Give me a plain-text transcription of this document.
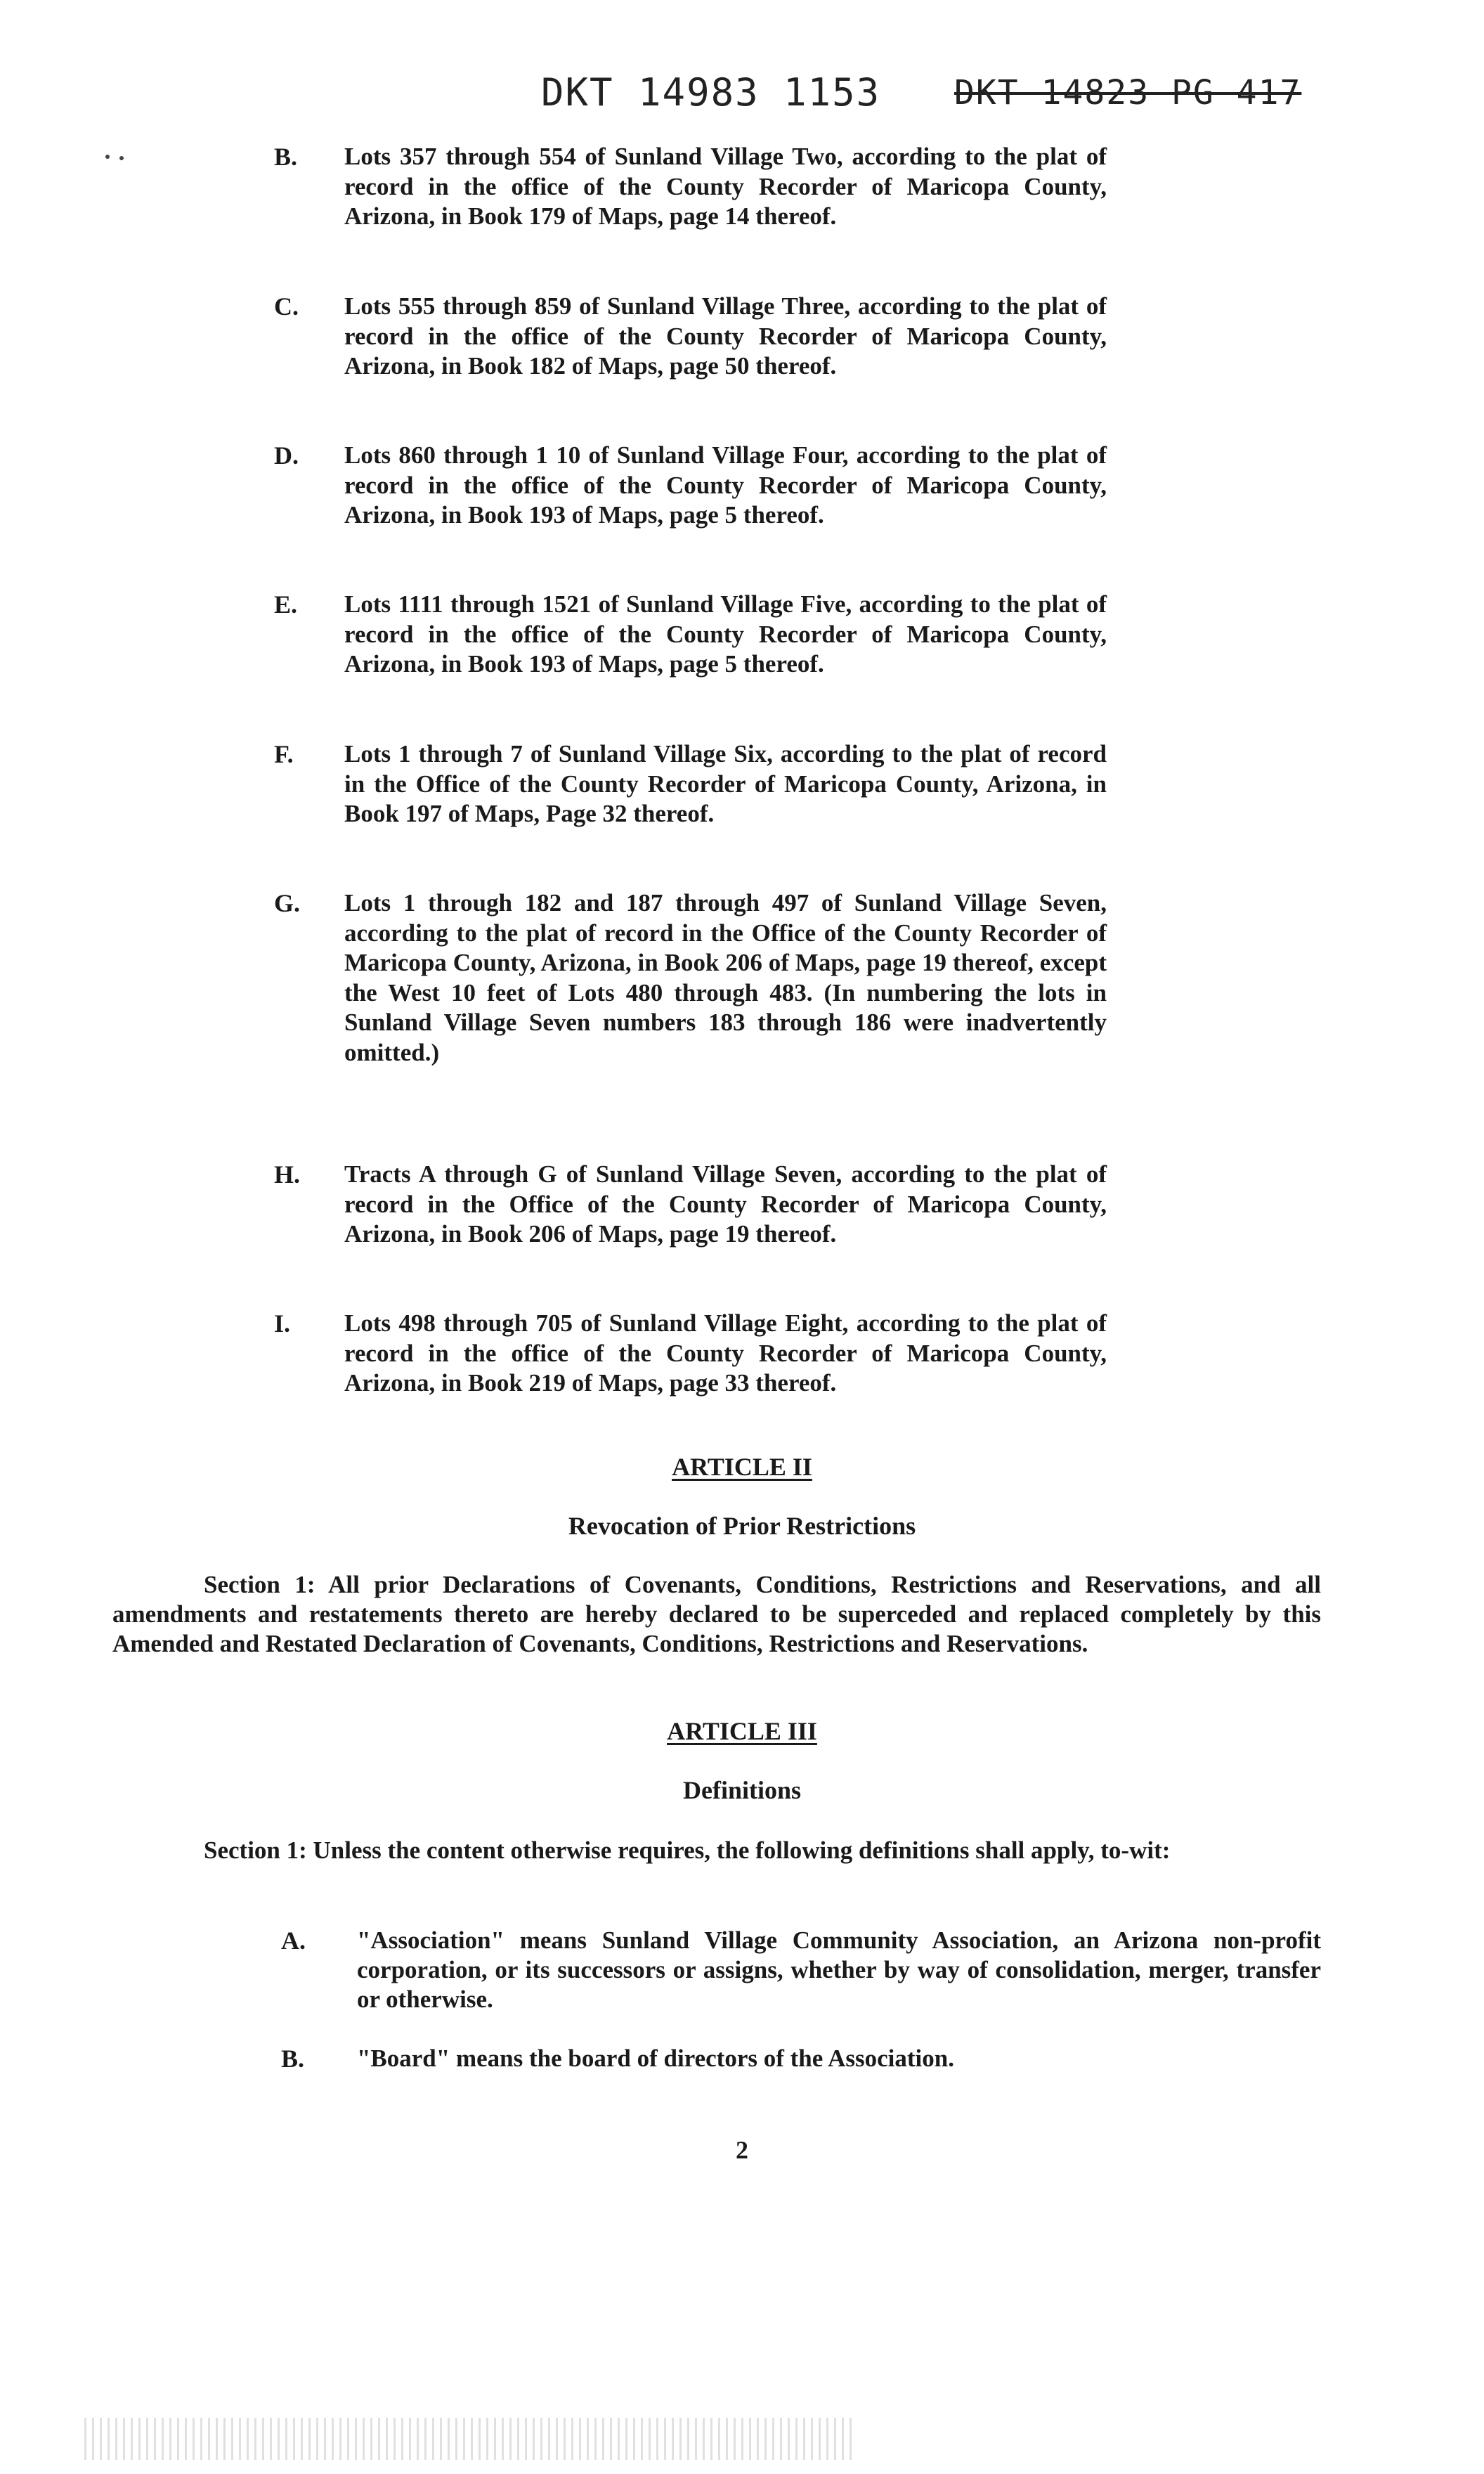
DKT 14983 1153 DKT 14823 PG 417
B. Lots 357 through 554 of Sunland Village Two, according to the plat of record in the office of the County Recorder of Maricopa County, Arizona, in Book 179 of Maps, page 14 thereof.
C. Lots 555 through 859 of Sunland Village Three, according to the plat of record in the office of the County Recorder of Maricopa County, Arizona, in Book 182 of Maps, page 50 thereof.
D. Lots 860 through 1 10 of Sunland Village Four, according to the plat of record in the office of the County Recorder of Maricopa County, Arizona, in Book 193 of Maps, page 5 thereof.
E. Lots 1111 through 1521 of Sunland Village Five, according to the plat of record in the office of the County Recorder of Maricopa County, Arizona, in Book 193 of Maps, page 5 thereof.
F. Lots 1 through 7 of Sunland Village Six, according to the plat of record in the Office of the County Recorder of Maricopa County, Arizona, in Book 197 of Maps, Page 32 thereof.
G. Lots 1 through 182 and 187 through 497 of Sunland Village Seven, according to the plat of record in the Office of the County Recorder of Maricopa County, Arizona, in Book 206 of Maps, page 19 thereof, except the West 10 feet of Lots 480 through 483. (In numbering the lots in Sunland Village Seven numbers 183 through 186 were inadvertently omitted.)
H. Tracts A through G of Sunland Village Seven, according to the plat of record in the Office of the County Recorder of Maricopa County, Arizona, in Book 206 of Maps, page 19 thereof.
I. Lots 498 through 705 of Sunland Village Eight, according to the plat of record in the office of the County Recorder of Maricopa County, Arizona, in Book 219 of Maps, page 33 thereof.
ARTICLE II
Revocation of Prior Restrictions
Section 1: All prior Declarations of Covenants, Conditions, Restrictions and Reservations, and all amendments and restatements thereto are hereby declared to be superceded and replaced completely by this Amended and Restated Declaration of Covenants, Conditions, Restrictions and Reservations.
ARTICLE III
Definitions
Section 1: Unless the content otherwise requires, the following definitions shall apply, to-wit:
A. "Association" means Sunland Village Community Association, an Arizona non-profit corporation, or its successors or assigns, whether by way of consolidation, merger, transfer or otherwise.
B. "Board" means the board of directors of the Association.
2
